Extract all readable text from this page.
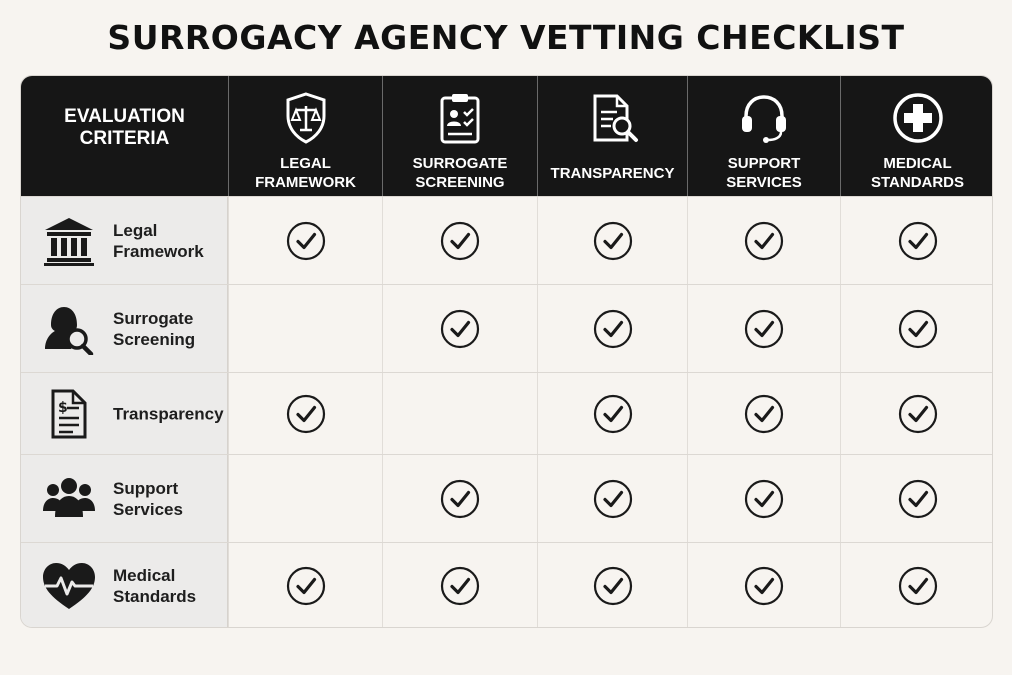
SURROGACY AGENCY VETTING CHECKLIST
EVALUATION
CRITERIA
LEGAL
FRAMEWORK
SURROGATE
SCREENING
TRANSPARENCY
SUPPORT
SERVICES
MEDICAL
STANDARDS
Legal
Framework
Surrogate
Screening
$	Transparency
Support
Services
Medical
Standards
